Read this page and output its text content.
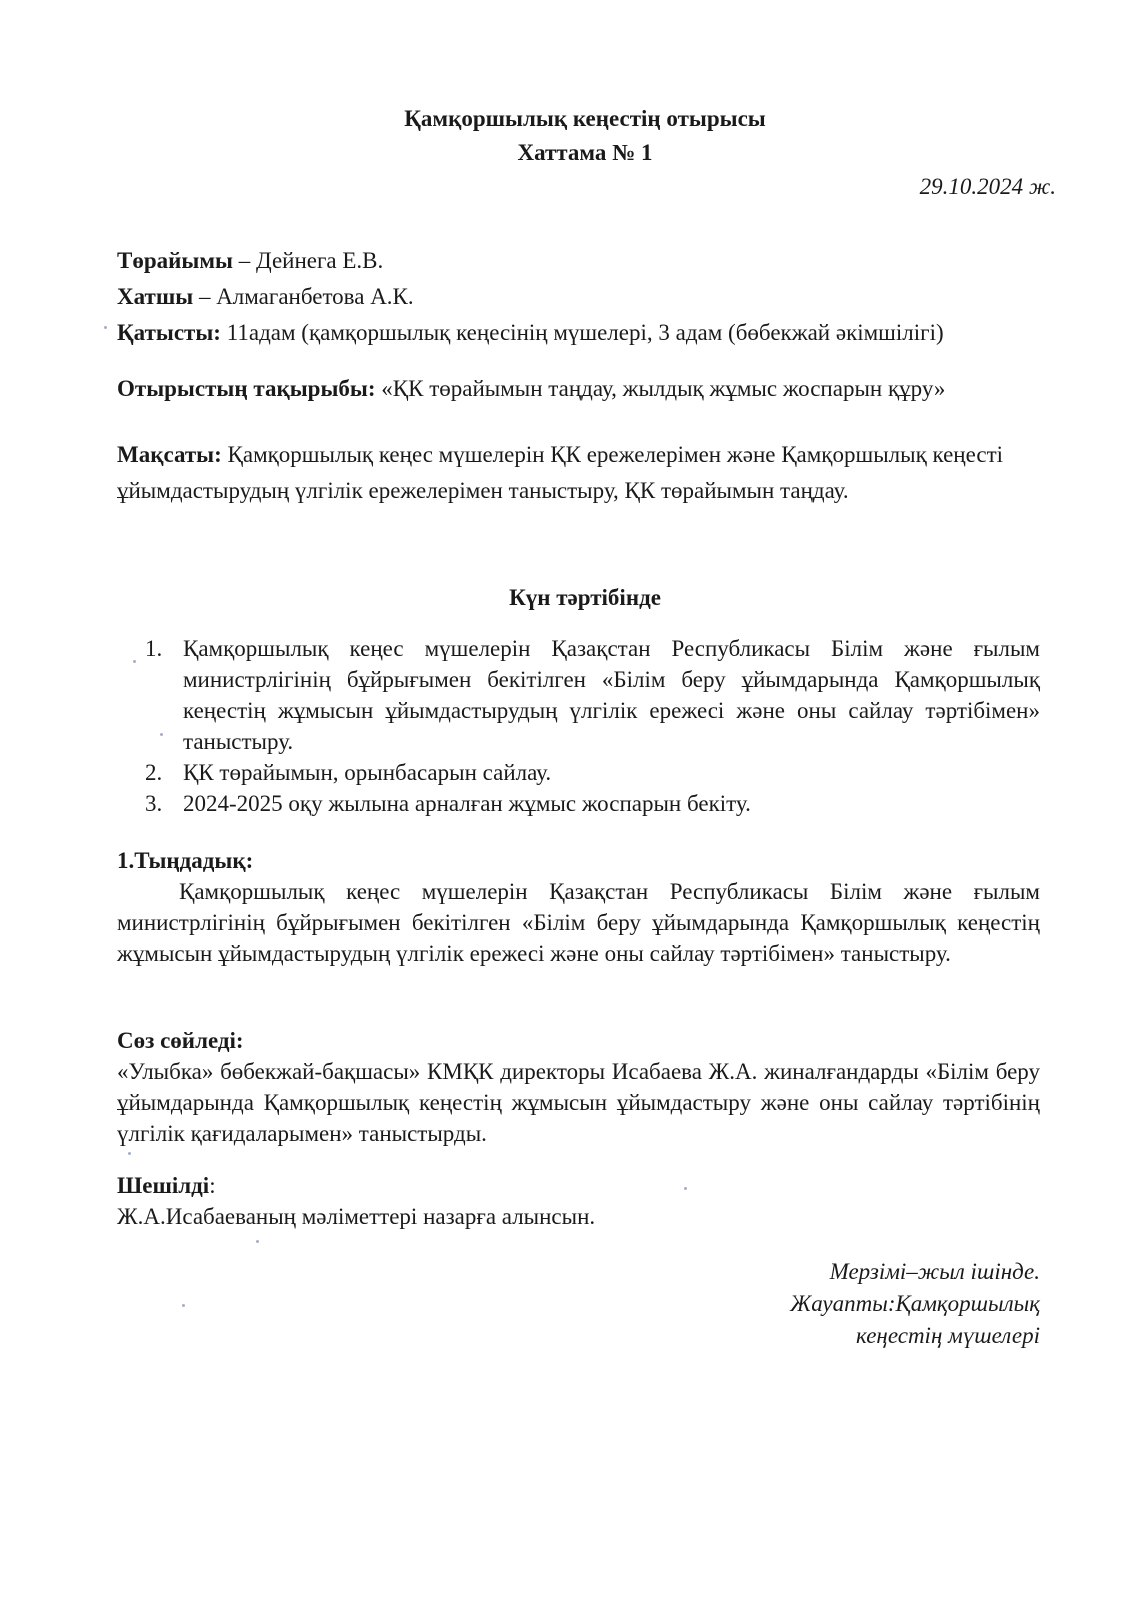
Қамқоршылық кеңестің отырысы
Хаттама № 1
29.10.2024 ж.
Төрайымы – Дейнега Е.В.
Хатшы – Алмаганбетова А.К.
Қатысты: 11адам (қамқоршылық кеңесінің мүшелері, 3 адам (бөбекжай әкімшілігі)
Отырыстың тақырыбы: «ҚК төрайымын таңдау, жылдық жұмыс жоспарын құру»
Мақсаты: Қамқоршылық кеңес мүшелерін ҚК ережелерімен және Қамқоршылық кеңесті ұйымдастырудың үлгілік ережелерімен таныстыру, ҚК төрайымын таңдау.
Күн тәртібінде
1. Қамқоршылық кеңес мүшелерін Қазақстан Республикасы Білім және ғылым министрлігінің бұйрығымен бекітілген «Білім беру ұйымдарында Қамқоршылық кеңестің жұмысын ұйымдастырудың үлгілік ережесі және оны сайлау тәртібімен» таныстыру.
2. ҚК төрайымын, орынбасарын сайлау.
3. 2024-2025 оқу жылына арналған жұмыс жоспарын бекіту.
1.Тыңдадық:
Қамқоршылық кеңес мүшелерін Қазақстан Республикасы Білім және ғылым министрлігінің бұйрығымен бекітілген «Білім беру ұйымдарында Қамқоршылық кеңестің жұмысын ұйымдастырудың үлгілік ережесі және оны сайлау тәртібімен» таныстыру.
Сөз сөйледі:
«Улыбка» бөбекжай-бақшасы» КМҚК директоры Исабаева Ж.А. жиналғандарды «Білім беру ұйымдарында Қамқоршылық кеңестің жұмысын ұйымдастыру және оны сайлау тәртібінің үлгілік қағидаларымен» таныстырды.
Шешілді:
Ж.А.Исабаеваның мәліметтері назарға алынсын.
Мерзімі–жыл ішінде.
Жауапты:Қамқоршылық
кеңестің мүшелері
